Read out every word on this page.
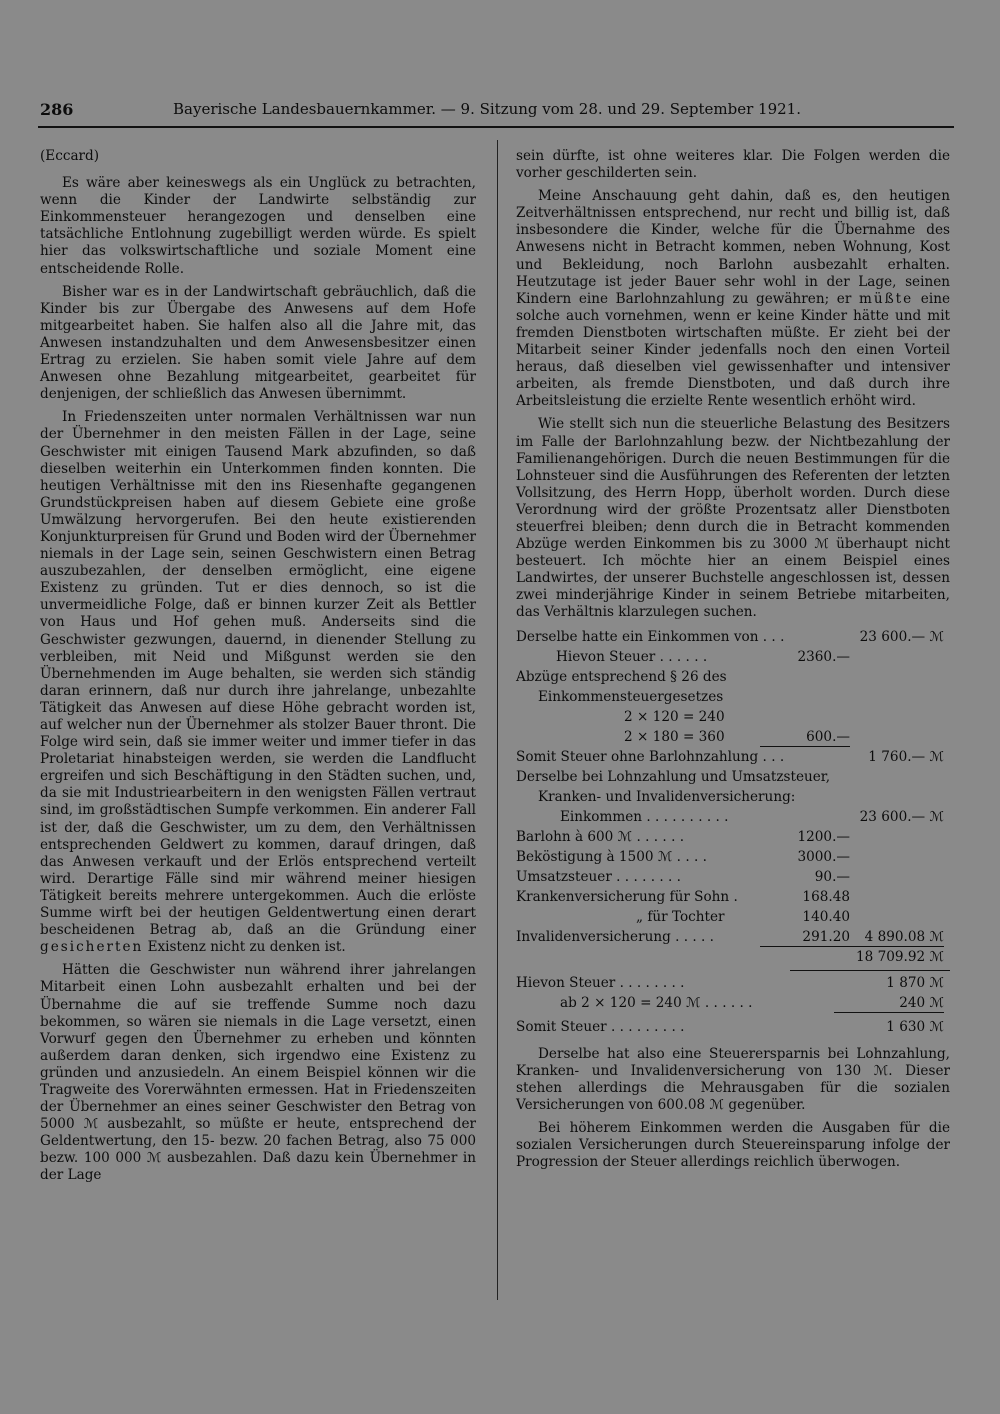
286	Bayerische Landesbauernkammer. — 9. Sitzung vom 28. und 29. September 1921.
(Eccard)

Es wäre aber keineswegs als ein Unglück zu betrachten, wenn die Kinder der Landwirte selbständig zur Einkommensteuer herangezogen und denselben eine tatsächliche Entlohnung zugebilligt werden würde. Es spielt hier das volkswirtschaftliche und soziale Moment eine entscheidende Rolle.

Bisher war es in der Landwirtschaft gebräuchlich, daß die Kinder bis zur Übergabe des Anwesens auf dem Hofe mitgearbeitet haben. Sie halfen also all die Jahre mit, das Anwesen instandzuhalten und dem Anwesensbesitzer einen Ertrag zu erzielen. Sie haben somit viele Jahre auf dem Anwesen ohne Bezahlung mitgearbeitet, gearbeitet für denjenigen, der schließlich das Anwesen übernimmt.

In Friedenszeiten unter normalen Verhältnissen war nun der Übernehmer in den meisten Fällen in der Lage, seine Geschwister mit einigen Tausend Mark abzufinden, so daß dieselben weiterhin ein Unterkommen finden konnten. Die heutigen Verhältnisse mit den ins Riesenhafte gegangenen Grundstückpreisen haben auf diesem Gebiete eine große Umwälzung hervorgerufen. Bei den heute existierenden Konjunkturpreisen für Grund und Boden wird der Übernehmer niemals in der Lage sein, seinen Geschwistern einen Betrag auszubezahlen, der denselben ermöglicht, eine eigene Existenz zu gründen. Tut er dies dennoch, so ist die unvermeidliche Folge, daß er binnen kurzer Zeit als Bettler von Haus und Hof gehen muß. Anderseits sind die Geschwister gezwungen, dauernd, in dienender Stellung zu verbleiben, mit Neid und Mißgunst werden sie den Übernehmenden im Auge behalten, sie werden sich ständig daran erinnern, daß nur durch ihre jahrelange, unbezahlte Tätigkeit das Anwesen auf diese Höhe gebracht worden ist, auf welcher nun der Übernehmer als stolzer Bauer thront. Die Folge wird sein, daß sie immer weiter und immer tiefer in das Proletariat hinabsteigen werden, sie werden die Landflucht ergreifen und sich Beschäftigung in den Städten suchen, und, da sie mit Industriearbeitern in den wenigsten Fällen vertraut sind, im großstädtischen Sumpfe verkommen. Ein anderer Fall ist der, daß die Geschwister, um zu dem, den Verhältnissen entsprechenden Geldwert zu kommen, darauf dringen, daß das Anwesen verkauft und der Erlös entsprechend verteilt wird. Derartige Fälle sind mir während meiner hiesigen Tätigkeit bereits mehrere untergekommen. Auch die erlöste Summe wirft bei der heutigen Geldentwertung einen derart bescheidenen Betrag ab, daß an die Gründung einer gesicherten Existenz nicht zu denken ist.

Hätten die Geschwister nun während ihrer jahrelangen Mitarbeit einen Lohn ausbezahlt erhalten und bei der Übernahme die auf sie treffende Summe noch dazu bekommen, so wären sie niemals in die Lage versetzt, einen Vorwurf gegen den Übernehmer zu erheben und könnten außerdem daran denken, sich irgendwo eine Existenz zu gründen und anzusiedeln. An einem Beispiel können wir die Tragweite des Vorerwähnten ermessen. Hat in Friedenszeiten der Übernehmer an eines seiner Geschwister den Betrag von 5000 ℳ ausbezahlt, so müßte er heute, entsprechend der Geldentwertung, den 15- bezw. 20 fachen Betrag, also 75 000 bezw. 100 000 ℳ ausbezahlen. Daß dazu kein Übernehmer in der Lage

sein dürfte, ist ohne weiteres klar. Die Folgen werden die vorher geschilderten sein.

Meine Anschauung geht dahin, daß es, den heutigen Zeitverhältnissen entsprechend, nur recht und billig ist, daß insbesondere die Kinder, welche für die Übernahme des Anwesens nicht in Betracht kommen, neben Wohnung, Kost und Bekleidung, noch Barlohn ausbezahlt erhalten. Heutzutage ist jeder Bauer sehr wohl in der Lage, seinen Kindern eine Barlohnzahlung zu gewähren; er müßte eine solche auch vornehmen, wenn er keine Kinder hätte und mit fremden Dienstboten wirtschaften müßte. Er zieht bei der Mitarbeit seiner Kinder jedenfalls noch den einen Vorteil heraus, daß dieselben viel gewissenhafter und intensiver arbeiten, als fremde Dienstboten, und daß durch ihre Arbeitsleistung die erzielte Rente wesentlich erhöht wird.

Wie stellt sich nun die steuerliche Belastung des Besitzers im Falle der Barlohnzahlung bezw. der Nichtbezahlung der Familienangehörigen. Durch die neuen Bestimmungen für die Lohnsteuer sind die Ausführungen des Referenten der letzten Vollsitzung, des Herrn Hopp, überholt worden. Durch diese Verordnung wird der größte Prozentsatz aller Dienstboten steuerfrei bleiben; denn durch die in Betracht kommenden Abzüge werden Einkommen bis zu 3000 ℳ überhaupt nicht besteuert. Ich möchte hier an einem Beispiel eines Landwirtes, der unserer Buchstelle angeschlossen ist, dessen zwei minderjährige Kinder in seinem Betriebe mitarbeiten, das Verhältnis klarzulegen suchen.

Derselbe hatte ein Einkommen von . . .	23 600.— ℳ
Hievon Steuer . . . . . .	2360.—
Abzüge entsprechend § 26 des
Einkommensteuergesetzes
2 × 120 = 240
2 × 180 = 360	600.—
Somit Steuer ohne Barlohnzahlung . . .	1 760.— ℳ
Derselbe bei Lohnzahlung und Umsatzsteuer,
Kranken- und Invalidenversicherung:
Einkommen . . . . . . . . . .	23 600.— ℳ
Barlohn à 600 ℳ . . . . . .	1200.—
Beköstigung à 1500 ℳ . . . .	3000.—
Umsatzsteuer . . . . . . . .	90.—
Krankenversicherung für Sohn .	168.48
„ für Tochter	140.40
Invalidenversicherung . . . . .	291.20	4 890.08 ℳ
18 709.92 ℳ
Hievon Steuer . . . . . . . .	1 870 ℳ
ab 2 × 120 = 240 ℳ . . . . . .	240 ℳ
Somit Steuer . . . . . . . . .	1 630 ℳ

Derselbe hat also eine Steuerersparnis bei Lohnzahlung, Kranken- und Invalidenversicherung von 130 ℳ. Dieser stehen allerdings die Mehrausgaben für die sozialen Versicherungen von 600.08 ℳ gegenüber.

Bei höherem Einkommen werden die Ausgaben für die sozialen Versicherungen durch Steuereinsparung infolge der Progression der Steuer allerdings reichlich überwogen.
